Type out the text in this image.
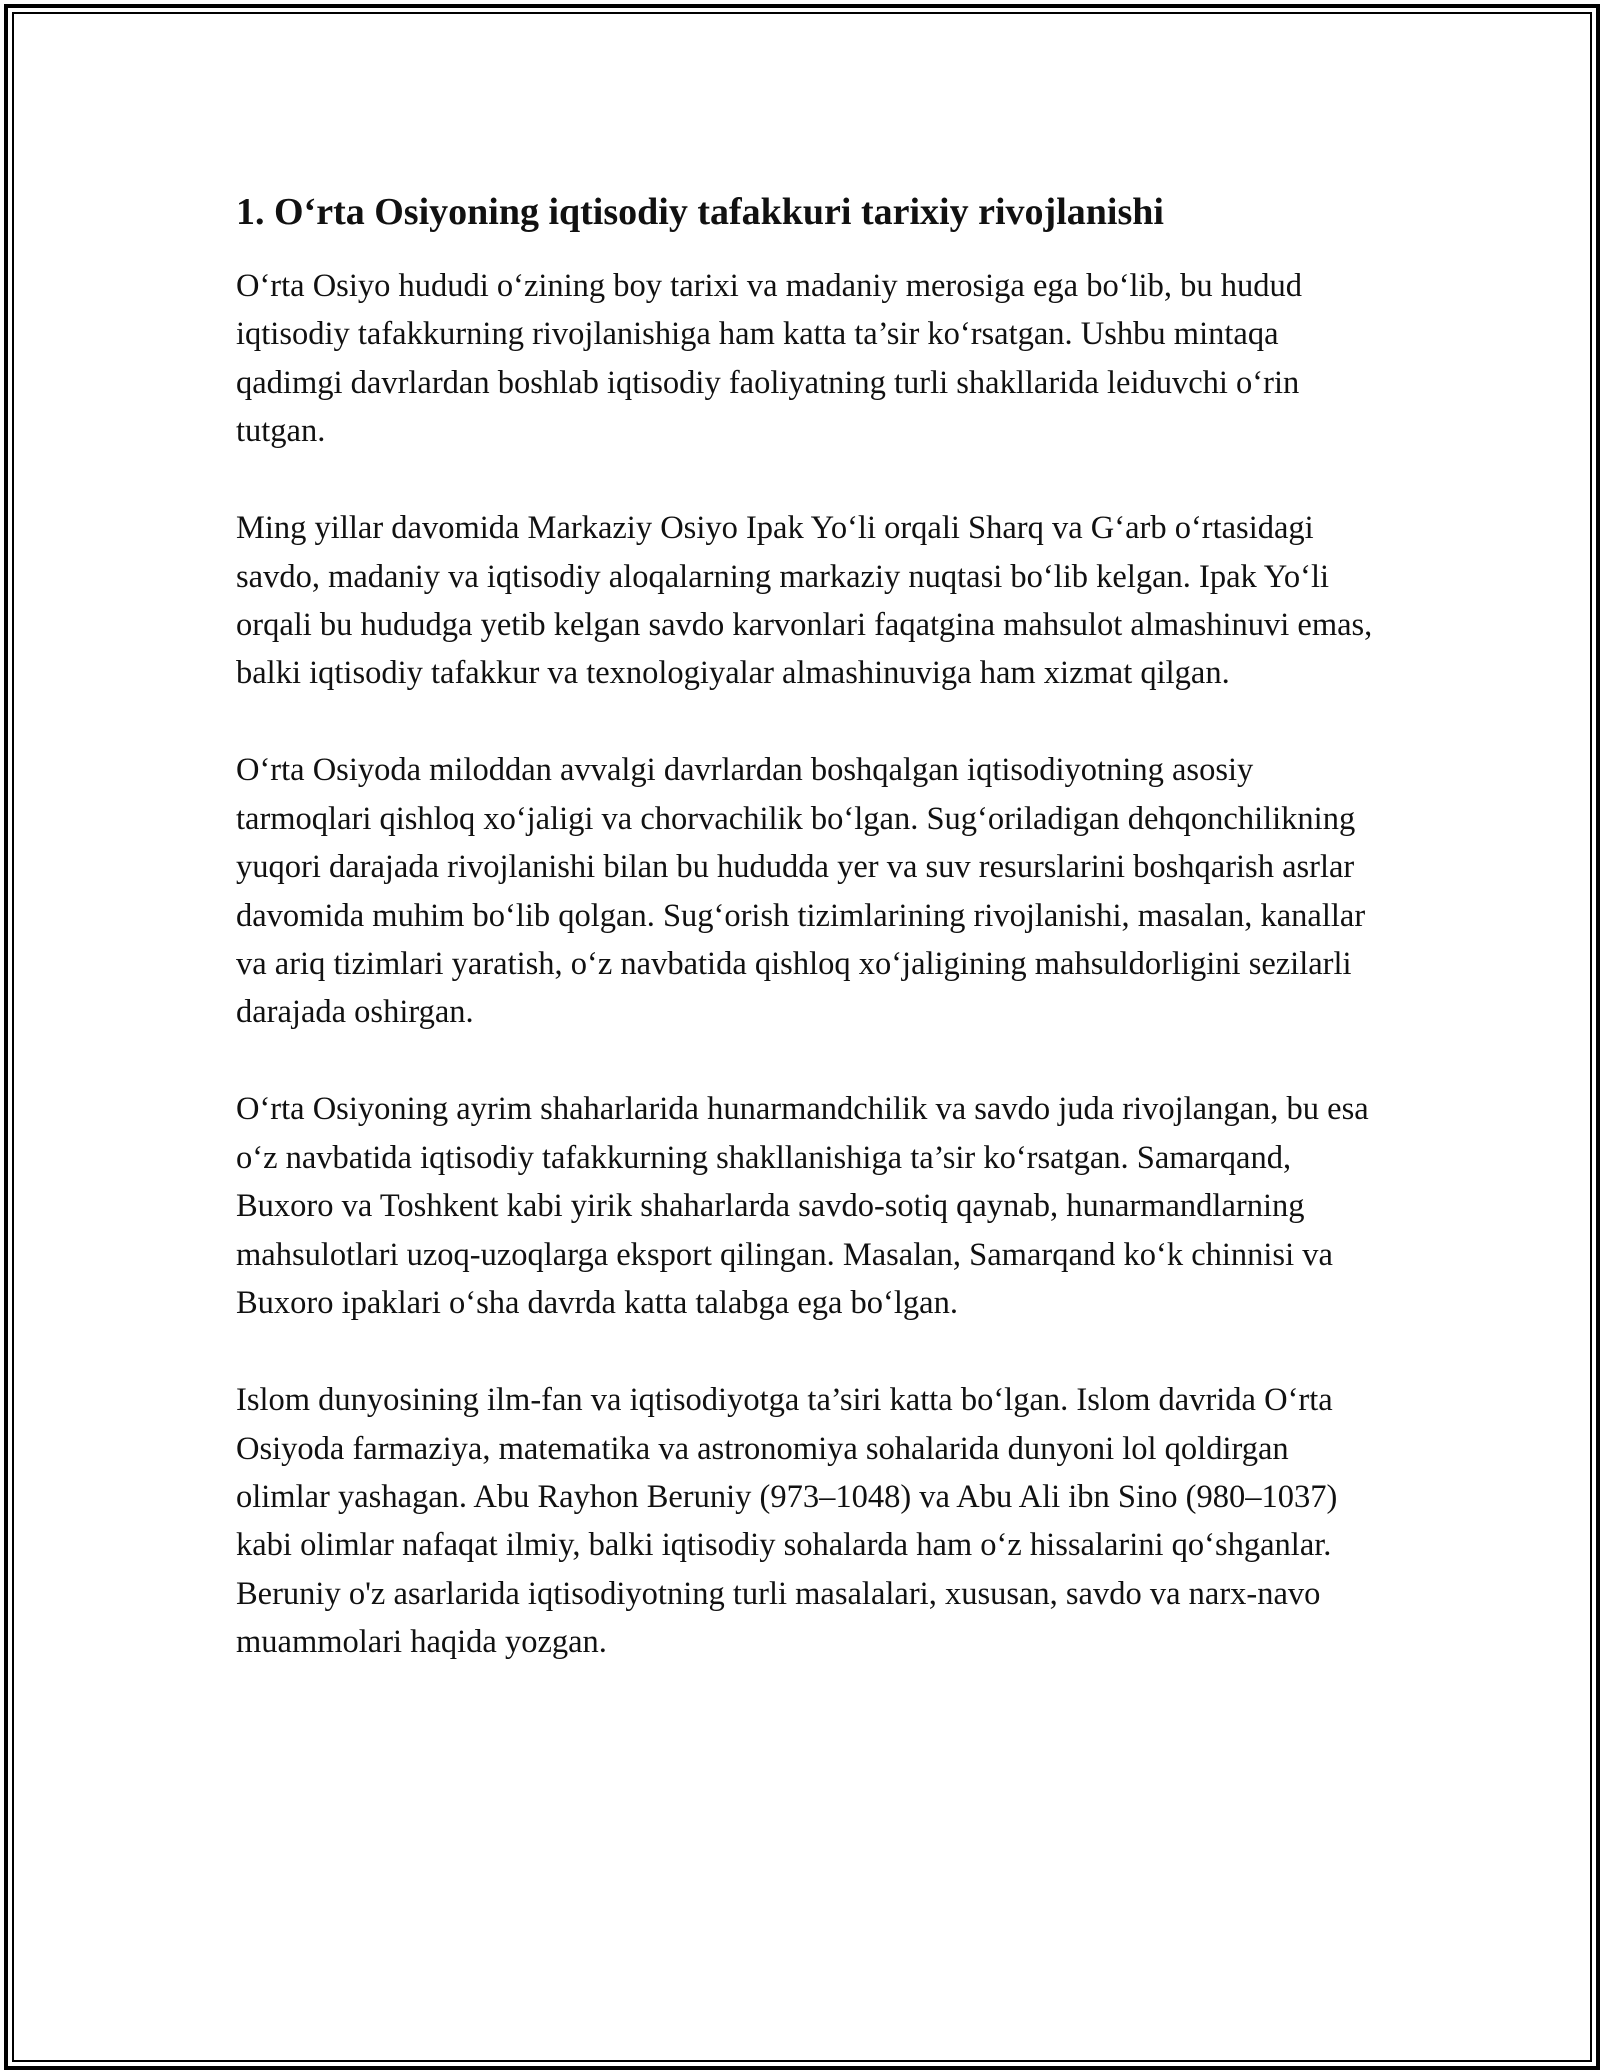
1. O‘rta Osiyoning iqtisodiy tafakkuri tarixiy rivojlanishi

O‘rta Osiyo hududi o‘zining boy tarixi va madaniy merosiga ega bo‘lib, bu hudud iqtisodiy tafakkurning rivojlanishiga ham katta ta’sir ko‘rsatgan. Ushbu mintaqa qadimgi davrlardan boshlab iqtisodiy faoliyatning turli shakllarida leiduvchi o‘rin tutgan.

Ming yillar davomida Markaziy Osiyo Ipak Yo‘li orqali Sharq va G‘arb o‘rtasidagi savdo, madaniy va iqtisodiy aloqalarning markaziy nuqtasi bo‘lib kelgan. Ipak Yo‘li orqali bu hududga yetib kelgan savdo karvonlari faqatgina mahsulot almashinuvi emas, balki iqtisodiy tafakkur va texnologiyalar almashinuviga ham xizmat qilgan.

O‘rta Osiyoda miloddan avvalgi davrlardan boshqalgan iqtisodiyotning asosiy tarmoqlari qishloq xo‘jaligi va chorvachilik bo‘lgan. Sug‘oriladigan dehqonchilikning yuqori darajada rivojlanishi bilan bu hududda yer va suv resurslarini boshqarish asrlar davomida muhim bo‘lib qolgan. Sug‘orish tizimlarining rivojlanishi, masalan, kanallar va ariq tizimlari yaratish, o‘z navbatida qishloq xo‘jaligining mahsuldorligini sezilarli darajada oshirgan.

O‘rta Osiyoning ayrim shaharlarida hunarmandchilik va savdo juda rivojlangan, bu esa o‘z navbatida iqtisodiy tafakkurning shakllanishiga ta’sir ko‘rsatgan. Samarqand, Buxoro va Toshkent kabi yirik shaharlarda savdo-sotiq qaynab, hunarmandlarning mahsulotlari uzoq-uzoqlarga eksport qilingan. Masalan, Samarqand ko‘k chinnisi va Buxoro ipaklari o‘sha davrda katta talabga ega bo‘lgan.

Islom dunyosining ilm-fan va iqtisodiyotga ta’siri katta bo‘lgan. Islom davrida O‘rta Osiyoda farmaziya, matematika va astronomiya sohalarida dunyoni lol qoldirgan olimlar yashagan. Abu Rayhon Beruniy (973–1048) va Abu Ali ibn Sino (980–1037) kabi olimlar nafaqat ilmiy, balki iqtisodiy sohalarda ham o‘z hissalarini qo‘shganlar. Beruniy o'z asarlarida iqtisodiyotning turli masalalari, xususan, savdo va narx-navo muammolari haqida yozgan.
